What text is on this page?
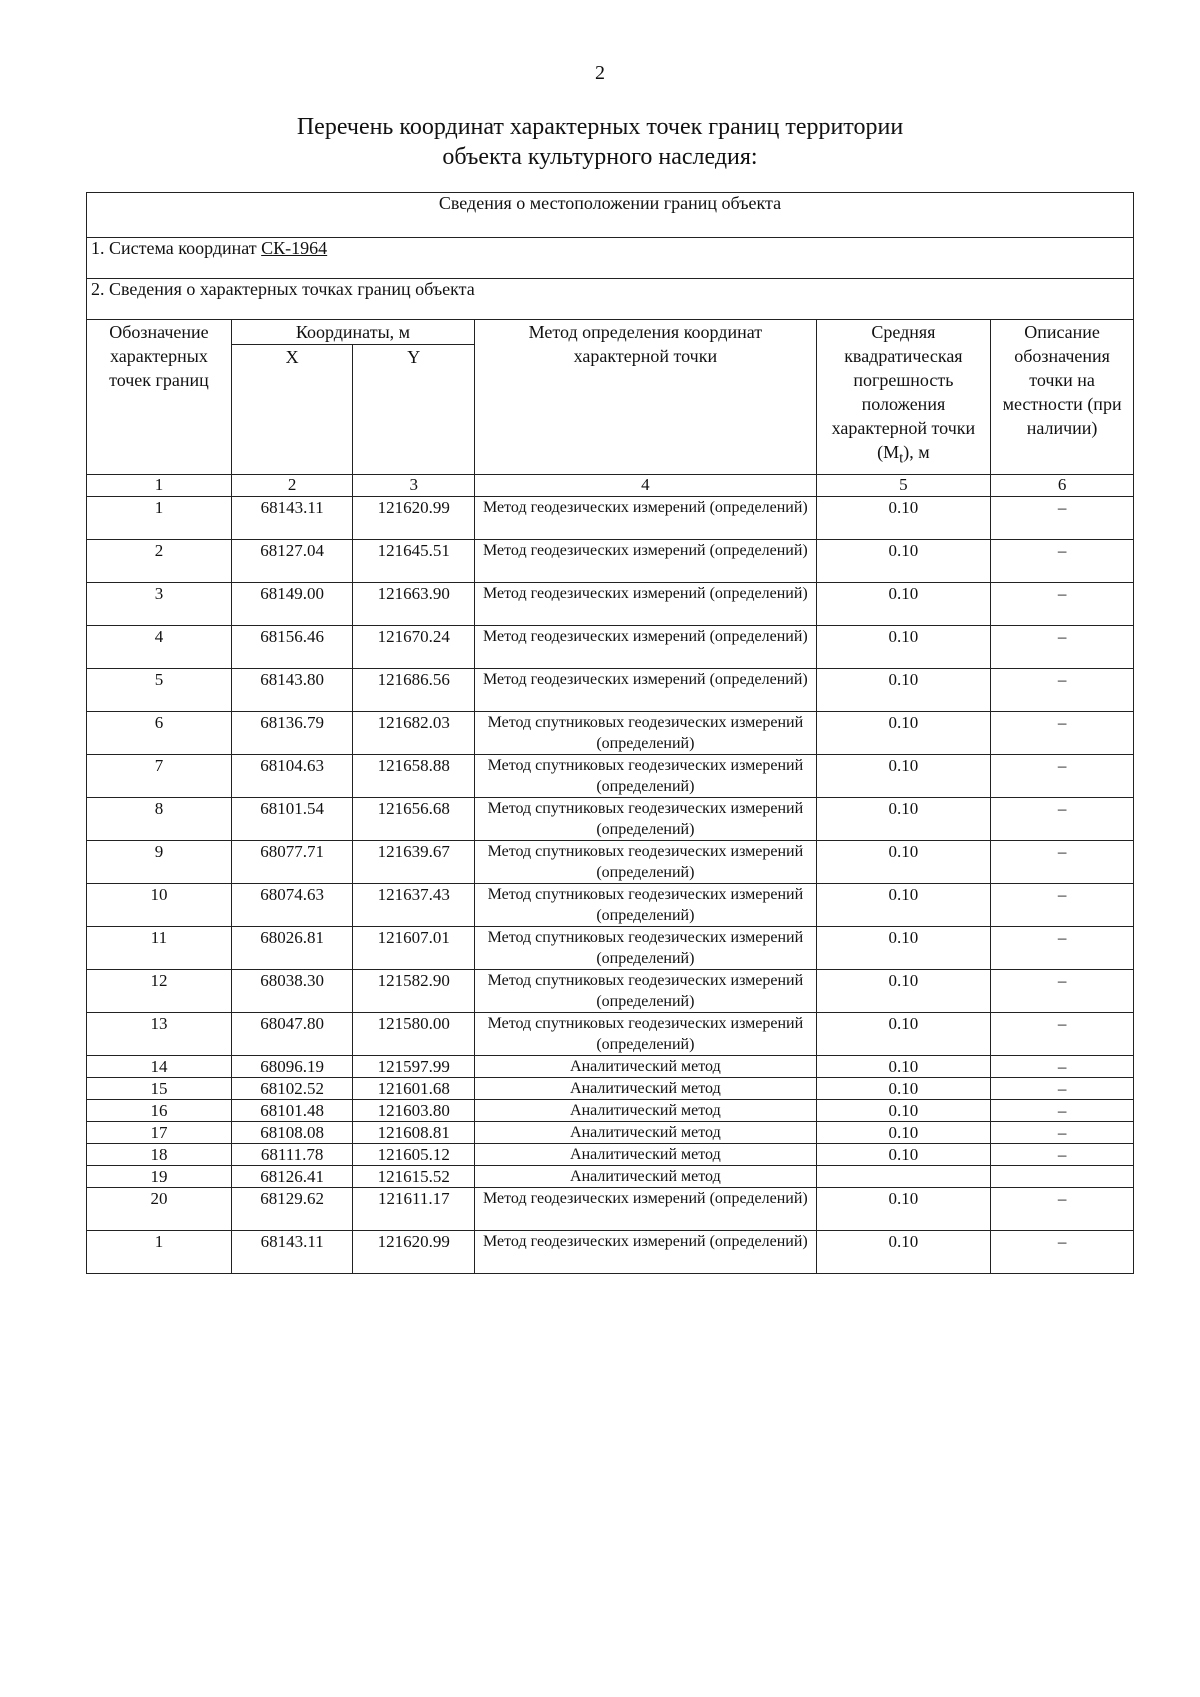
2
Перечень координат характерных точек границ территории
объекта культурного наследия:
Сведения о местоположении границ объекта					
1. Система координат СК-1964					
2. Сведения о характерных точках границ объекта					
Обозначение характерных точек границ	Координаты, м		Метод определения координат характерной точки	Средняя квадратическая погрешность положения характерной точки $(M_t)$, м	Описание обозначения точки на местности (при наличии)
	X	Y			
1	2	3	4	5	6
1	68143.11	121620.99	Метод геодезических измерений (определений)	0.10	–
2	68127.04	121645.51	Метод геодезических измерений (определений)	0.10	–
3	68149.00	121663.90	Метод геодезических измерений (определений)	0.10	–
4	68156.46	121670.24	Метод геодезических измерений (определений)	0.10	–
5	68143.80	121686.56	Метод геодезических измерений (определений)	0.10	–
6	68136.79	121682.03	Метод спутниковых геодезических измерений (определений)	0.10	–
7	68104.63	121658.88	Метод спутниковых геодезических измерений (определений)	0.10	–
8	68101.54	121656.68	Метод спутниковых геодезических измерений (определений)	0.10	–
9	68077.71	121639.67	Метод спутниковых геодезических измерений (определений)	0.10	–
10	68074.63	121637.43	Метод спутниковых геодезических измерений (определений)	0.10	–
11	68026.81	121607.01	Метод спутниковых геодезических измерений (определений)	0.10	–
12	68038.30	121582.90	Метод спутниковых геодезических измерений (определений)	0.10	–
13	68047.80	121580.00	Метод спутниковых геодезических измерений (определений)	0.10	–
14	68096.19	121597.99	Аналитический метод	0.10	–
15	68102.52	121601.68	Аналитический метод	0.10	–
16	68101.48	121603.80	Аналитический метод	0.10	–
17	68108.08	121608.81	Аналитический метод	0.10	–
18	68111.78	121605.12	Аналитический метод	0.10	–
19	68126.41	121615.52	Аналитический метод		
20	68129.62	121611.17	Метод геодезических измерений (определений)	0.10	–
1	68143.11	121620.99	Метод геодезических измерений (определений)	0.10	–
